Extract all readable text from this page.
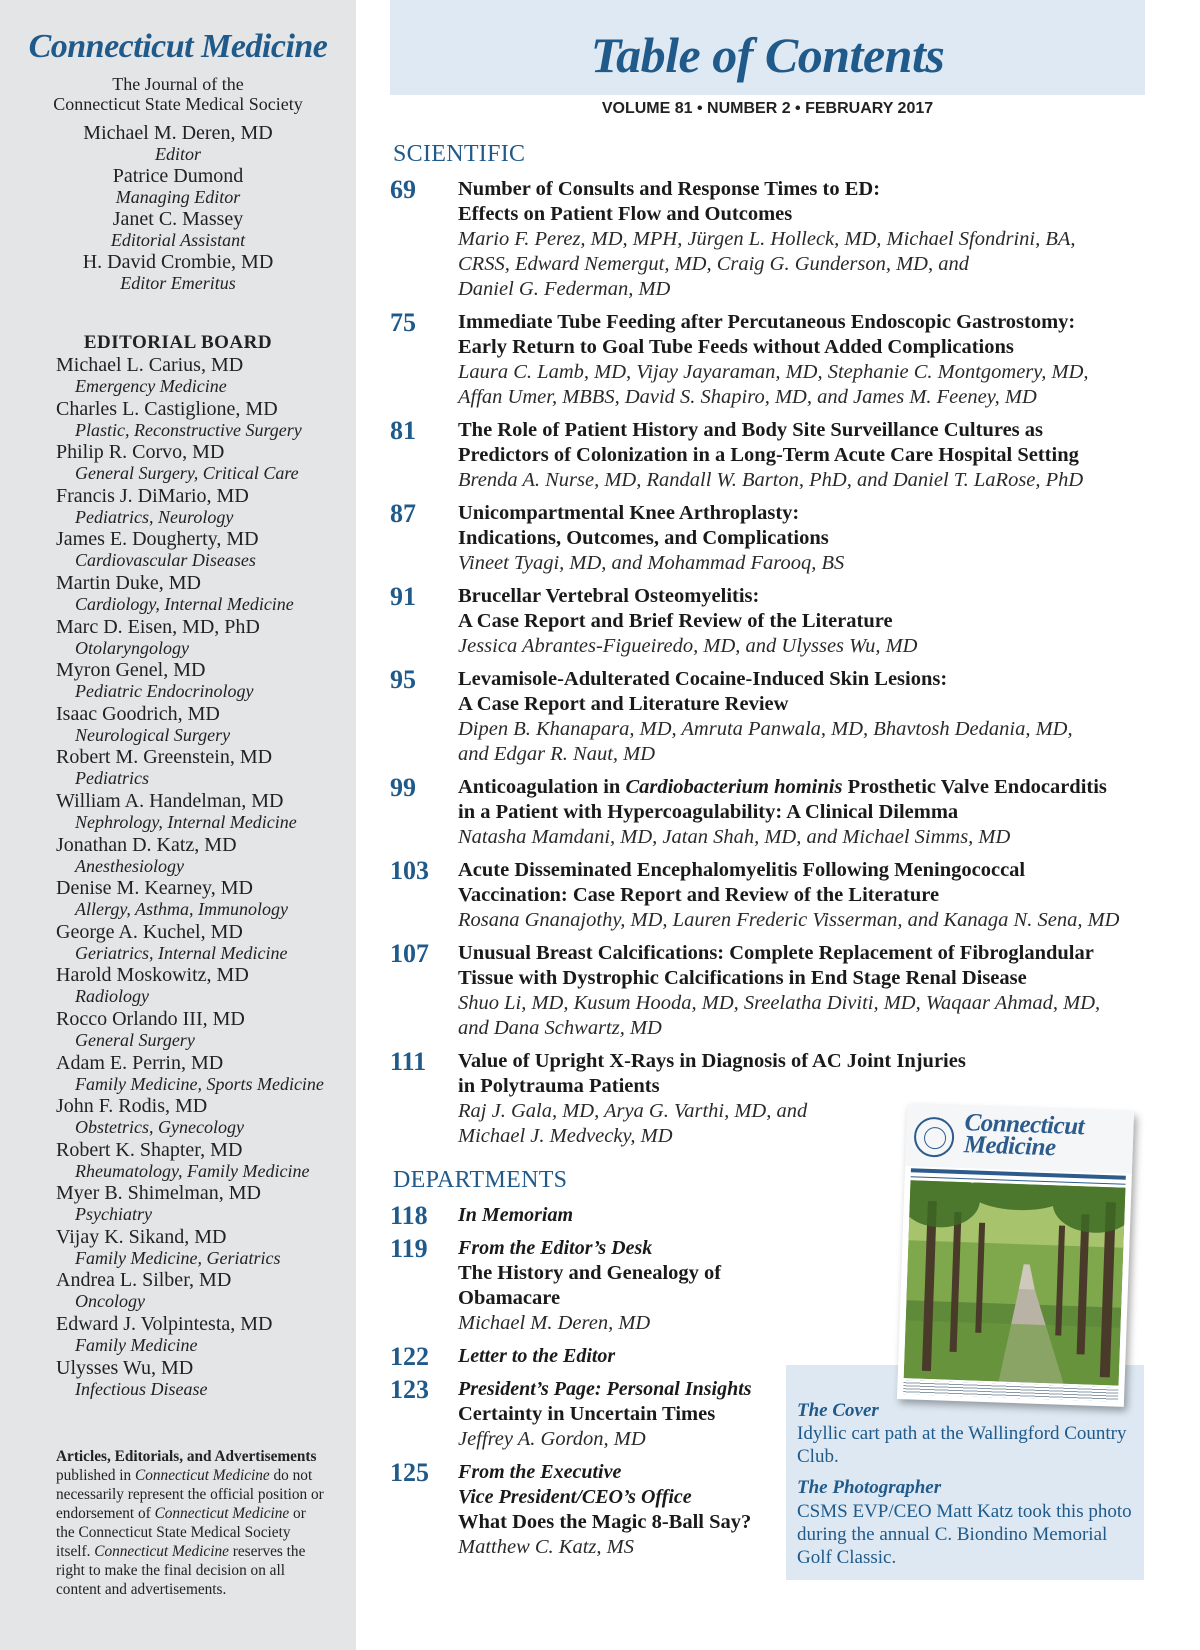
Connecticut Medicine
The Journal of the
Connecticut State Medical Society
Michael M. Deren, MD
Editor
Patrice Dumond
Managing Editor
Janet C. Massey
Editorial Assistant
H. David Crombie, MD
Editor Emeritus
EDITORIAL BOARD
Michael L. Carius, MD
Emergency Medicine
Charles L. Castiglione, MD
Plastic, Reconstructive Surgery
Philip R. Corvo, MD
General Surgery, Critical Care
Francis J. DiMario, MD
Pediatrics, Neurology
James E. Dougherty, MD
Cardiovascular Diseases
Martin Duke, MD
Cardiology, Internal Medicine
Marc D. Eisen, MD, PhD
Otolaryngology
Myron Genel, MD
Pediatric Endocrinology
Isaac Goodrich, MD
Neurological Surgery
Robert M. Greenstein, MD
Pediatrics
William A. Handelman, MD
Nephrology, Internal Medicine
Jonathan D. Katz, MD
Anesthesiology
Denise M. Kearney, MD
Allergy, Asthma, Immunology
George A. Kuchel, MD
Geriatrics, Internal Medicine
Harold Moskowitz, MD
Radiology
Rocco Orlando III, MD
General Surgery
Adam E. Perrin, MD
Family Medicine, Sports Medicine
John F. Rodis, MD
Obstetrics, Gynecology
Robert K. Shapter, MD
Rheumatology, Family Medicine
Myer B. Shimelman, MD
Psychiatry
Vijay K. Sikand, MD
Family Medicine, Geriatrics
Andrea L. Silber, MD
Oncology
Edward J. Volpintesta, MD
Family Medicine
Ulysses Wu, MD
Infectious Disease
Articles, Editorials, and Advertisements published in Connecticut Medicine do not necessarily represent the official position or endorsement of Connecticut Medicine or the Connecticut State Medical Society itself. Connecticut Medicine reserves the right to make the final decision on all content and advertisements.
Table of Contents
VOLUME 81 • NUMBER 2 • FEBRUARY 2017
SCIENTIFIC
69	Number of Consults and Response Times to ED:
Effects on Patient Flow and Outcomes
Mario F. Perez, MD, MPH, Jürgen L. Holleck, MD, Michael Sfondrini, BA,
CRSS, Edward Nemergut, MD, Craig G. Gunderson, MD, and
Daniel G. Federman, MD
75	Immediate Tube Feeding after Percutaneous Endoscopic Gastrostomy:
Early Return to Goal Tube Feeds without Added Complications
Laura C. Lamb, MD, Vijay Jayaraman, MD, Stephanie C. Montgomery, MD,
Affan Umer, MBBS, David S. Shapiro, MD, and James M. Feeney, MD
81	The Role of Patient History and Body Site Surveillance Cultures as
Predictors of Colonization in a Long-Term Acute Care Hospital Setting
Brenda A. Nurse, MD, Randall W. Barton, PhD, and Daniel T. LaRose, PhD
87	Unicompartmental Knee Arthroplasty:
Indications, Outcomes, and Complications
Vineet Tyagi, MD, and Mohammad Farooq, BS
91	Brucellar Vertebral Osteomyelitis:
A Case Report and Brief Review of the Literature
Jessica Abrantes-Figueiredo, MD, and Ulysses Wu, MD
95	Levamisole-Adulterated Cocaine-Induced Skin Lesions:
A Case Report and Literature Review
Dipen B. Khanapara, MD, Amruta Panwala, MD, Bhavtosh Dedania, MD,
and Edgar R. Naut, MD
99	Anticoagulation in Cardiobacterium hominis Prosthetic Valve Endocarditis
in a Patient with Hypercoagulability: A Clinical Dilemma
Natasha Mamdani, MD, Jatan Shah, MD, and Michael Simms, MD
103	Acute Disseminated Encephalomyelitis Following Meningococcal
Vaccination: Case Report and Review of the Literature
Rosana Gnanajothy, MD, Lauren Frederic Visserman, and Kanaga N. Sena, MD
107	Unusual Breast Calcifications: Complete Replacement of Fibroglandular
Tissue with Dystrophic Calcifications in End Stage Renal Disease
Shuo Li, MD, Kusum Hooda, MD, Sreelatha Diviti, MD, Waqaar Ahmad, MD,
and Dana Schwartz, MD
111	Value of Upright X-Rays in Diagnosis of AC Joint Injuries
in Polytrauma Patients
Raj J. Gala, MD, Arya G. Varthi, MD, and
Michael J. Medvecky, MD
DEPARTMENTS
118	In Memoriam
119	From the Editor’s Desk
The History and Genealogy of Obamacare
Michael M. Deren, MD
122	Letter to the Editor
123	President’s Page: Personal Insights
Certainty in Uncertain Times
Jeffrey A. Gordon, MD
125	From the Executive
Vice President/CEO’s Office
What Does the Magic 8-Ball Say?
Matthew C. Katz, MS
Connecticut Medicine
The Cover
Idyllic cart path at the Wallingford Country Club.
The Photographer
CSMS EVP/CEO Matt Katz took this photo during the annual C. Biondino Memorial Golf Classic.
